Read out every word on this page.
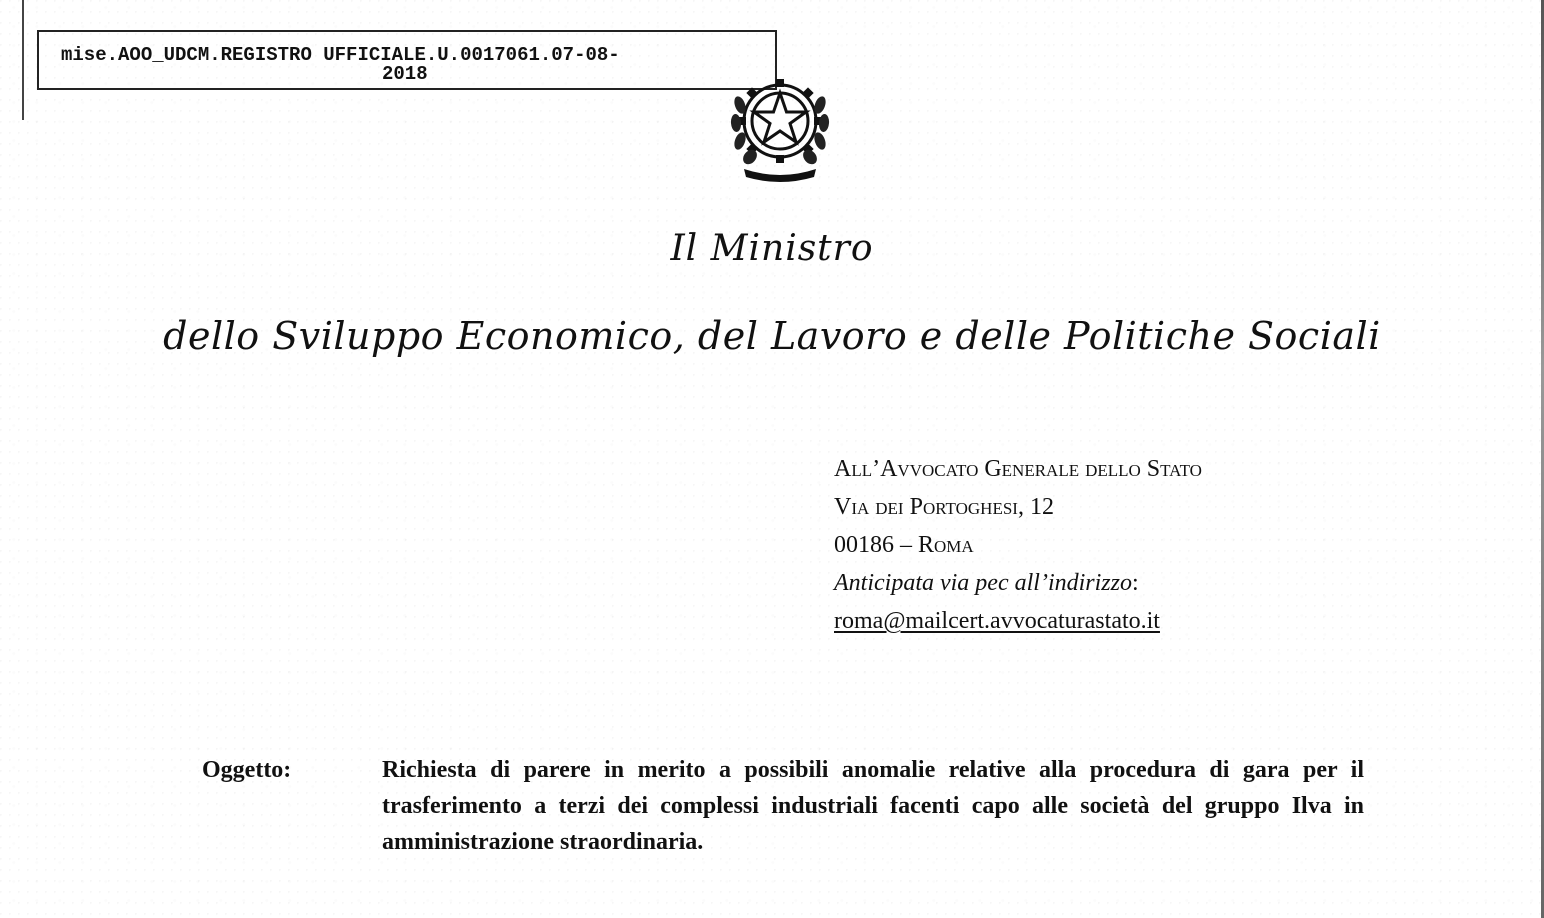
mise.AOO_UDCM.REGISTRO UFFICIALE.U.0017061.07-08-
2018
Il Ministro
dello Sviluppo Economico, del Lavoro e delle Politiche Sociali
All’Avvocato Generale dello Stato
Via dei Portoghesi, 12
00186 – Roma
Anticipata via pec all’indirizzo:
roma@mailcert.avvocaturastato.it
Oggetto:	Richiesta di parere in merito a possibili anomalie relative alla procedura di gara per il trasferimento a terzi dei complessi industriali facenti capo alle società del gruppo Ilva in amministrazione straordinaria.
